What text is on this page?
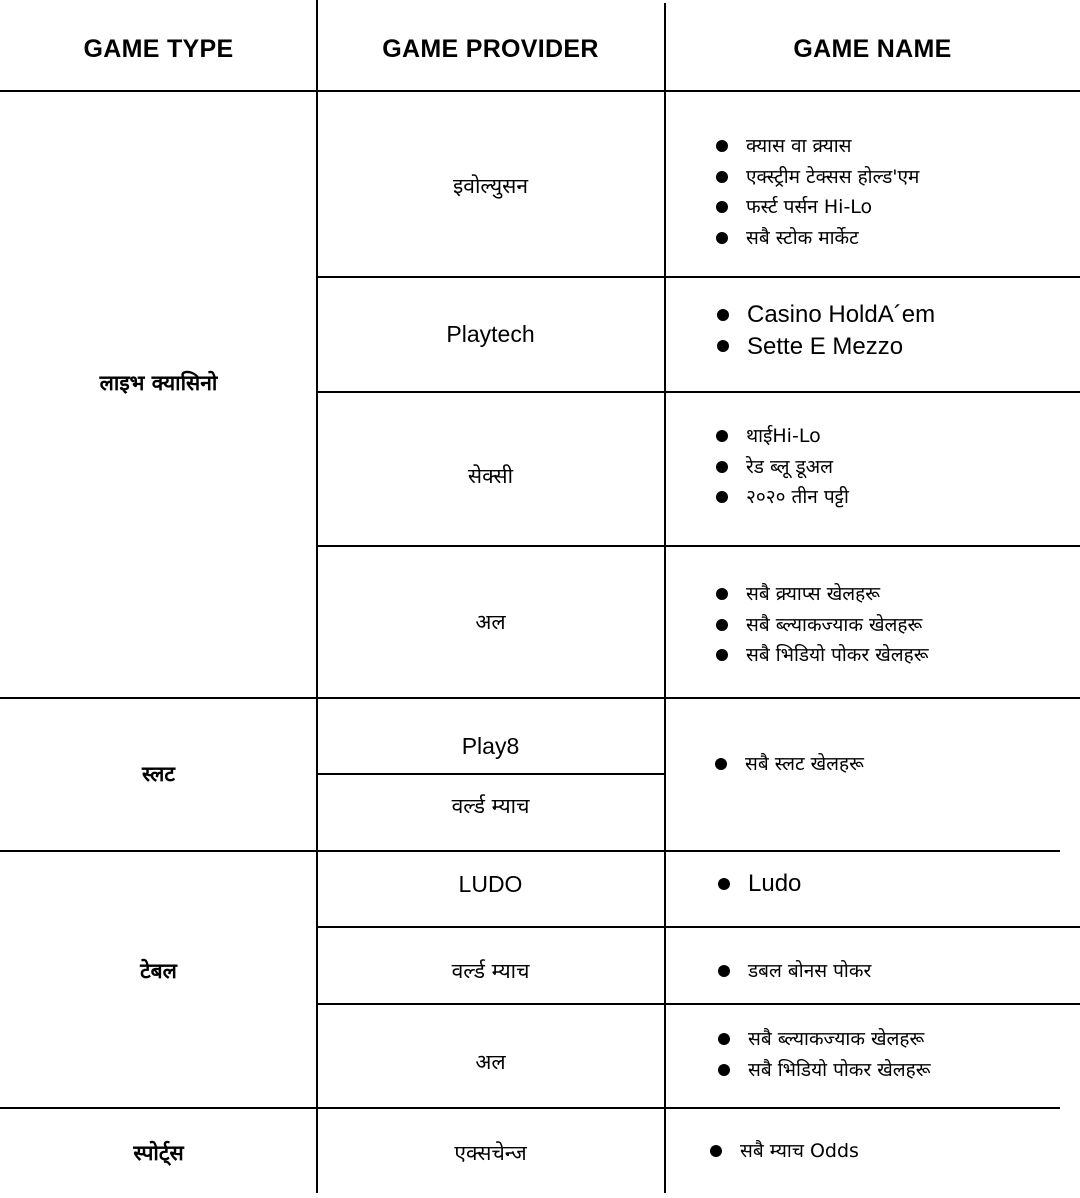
GAME TYPE	GAME PROVIDER	GAME NAME
लाइभ क्यासिनो
स्लट
टेबल
स्पोर्ट्स
इवोल्युसन
Playtech
सेक्सी
अल
Play8
वर्ल्ड म्याच
LUDO
वर्ल्ड म्याच
अल
एक्सचेन्ज
क्यास वा क्र्यास
एक्स्ट्रीम टेक्सस होल्ड'एम
फर्स्ट पर्सन Hi-Lo
सबै स्टोक मार्केट
Casino HoldA´em
Sette E Mezzo
थाईHi-Lo
रेड ब्लू डूअल
२०२० तीन पट्टी
सबै क्र्याप्स खेलहरू
सबै ब्ल्याकज्याक खेलहरू
सबै भिडियो पोकर खेलहरू
सबै स्लट खेलहरू
Ludo
डबल बोनस पोकर
सबै ब्ल्याकज्याक खेलहरू
सबै भिडियो पोकर खेलहरू
सबै म्याच Odds
